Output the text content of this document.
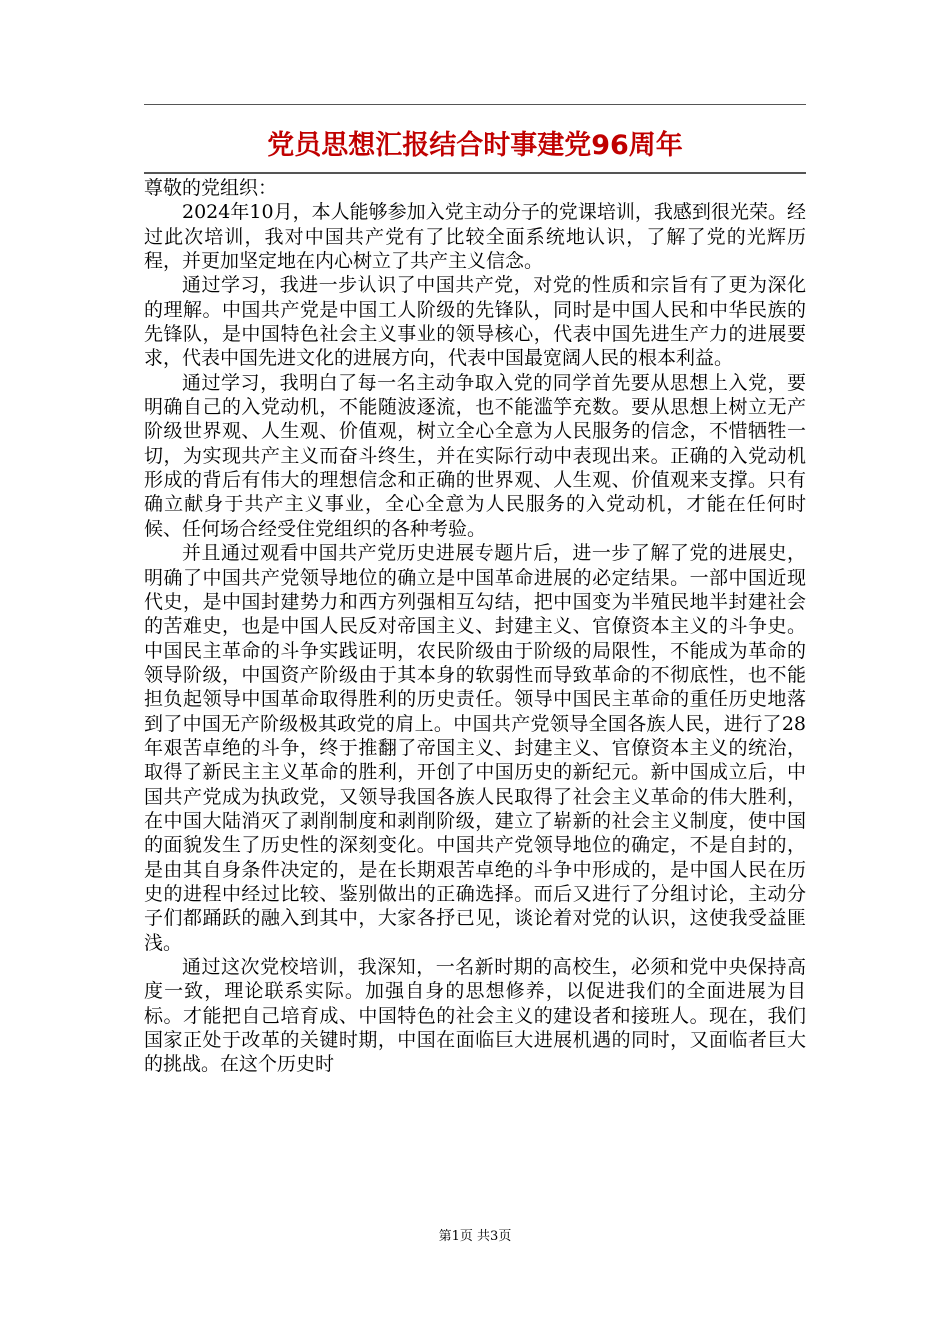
党员思想汇报结合时事建党96周年

尊敬的党组织：

2024年10月，本人能够参加入党主动分子的党课培训，我感到很光荣。经过此次培训，我对中国共产党有了比较全面系统地认识，了解了党的光辉历程，并更加坚定地在内心树立了共产主义信念。

通过学习，我进一步认识了中国共产党，对党的性质和宗旨有了更为深化的理解。中国共产党是中国工人阶级的先锋队，同时是中国人民和中华民族的先锋队，是中国特色社会主义事业的领导核心，代表中国先进生产力的进展要求，代表中国先进文化的进展方向，代表中国最宽阔人民的根本利益。

通过学习，我明白了每一名主动争取入党的同学首先要从思想上入党，要明确自己的入党动机，不能随波逐流，也不能滥竽充数。要从思想上树立无产阶级世界观、人生观、价值观，树立全心全意为人民服务的信念，不惜牺牲一切，为实现共产主义而奋斗终生，并在实际行动中表现出来。正确的入党动机形成的背后有伟大的理想信念和正确的世界观、人生观、价值观来支撑。只有确立献身于共产主义事业，全心全意为人民服务的入党动机，才能在任何时候、任何场合经受住党组织的各种考验。

并且通过观看中国共产党历史进展专题片后，进一步了解了党的进展史，明确了中国共产党领导地位的确立是中国革命进展的必定结果。一部中国近现代史，是中国封建势力和西方列强相互勾结，把中国变为半殖民地半封建社会的苦难史，也是中国人民反对帝国主义、封建主义、官僚资本主义的斗争史。中国民主革命的斗争实践证明，农民阶级由于阶级的局限性，不能成为革命的领导阶级，中国资产阶级由于其本身的软弱性而导致革命的不彻底性，也不能担负起领导中国革命取得胜利的历史责任。领导中国民主革命的重任历史地落到了中国无产阶级极其政党的肩上。中国共产党领导全国各族人民，进行了28年艰苦卓绝的斗争，终于推翻了帝国主义、封建主义、官僚资本主义的统治，取得了新民主主义革命的胜利，开创了中国历史的新纪元。新中国成立后，中国共产党成为执政党，又领导我国各族人民取得了社会主义革命的伟大胜利，在中国大陆消灭了剥削制度和剥削阶级，建立了崭新的社会主义制度，使中国的面貌发生了历史性的深刻变化。中国共产党领导地位的确定，不是自封的，是由其自身条件决定的，是在长期艰苦卓绝的斗争中形成的，是中国人民在历史的进程中经过比较、鉴别做出的正确选择。而后又进行了分组讨论，主动分子们都踊跃的融入到其中，大家各抒已见，谈论着对党的认识，这使我受益匪浅。

通过这次党校培训，我深知，一名新时期的高校生，必须和党中央保持高度一致，理论联系实际。加强自身的思想修养，以促进我们的全面进展为目标。才能把自己培育成、中国特色的社会主义的建设者和接班人。现在，我们国家正处于改革的关键时期，中国在面临巨大进展机遇的同时，又面临者巨大的挑战。在这个历史时

第1页 共3页
